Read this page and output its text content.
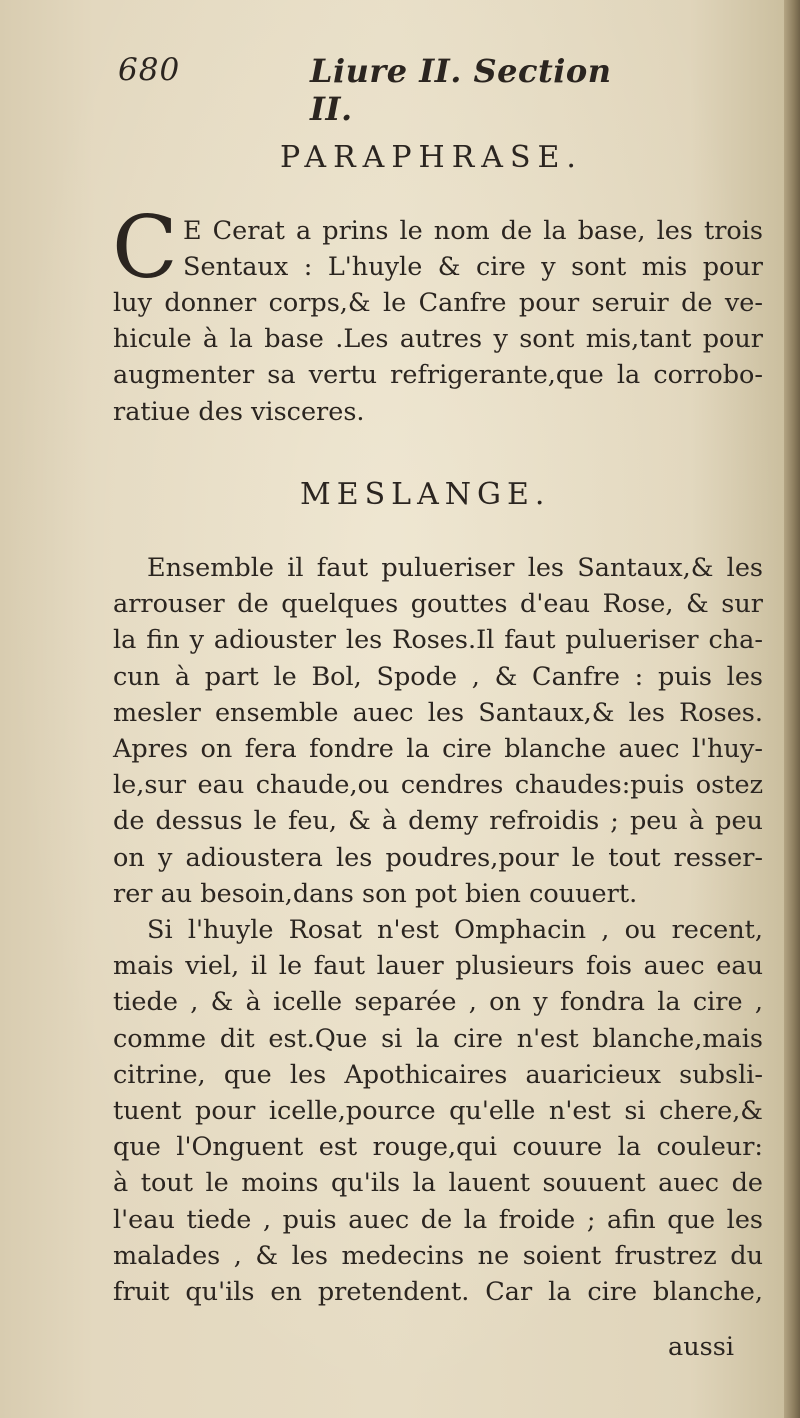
680	Liure II. Section II.
PARAPHRASE.
C E Cerat a prins le nom de la base, les trois
Sentaux : L'huyle & cire y sont mis pour
luy donner corps,& le Canfre pour seruir de ve-
hicule à la base .Les autres y sont mis,tant pour
augmenter sa vertu refrigerante,que la corrobo-
ratiue des visceres.
MESLANGE.
Ensemble il faut pulueriser les Santaux,& les
arrouser de quelques gouttes d'eau Rose, & sur
la fin y adiouster les Roses.Il faut pulueriser cha-
cun à part le Bol, Spode , & Canfre : puis les
mesler ensemble auec les Santaux,& les Roses.
Apres on fera fondre la cire blanche auec l'huy-
le,sur eau chaude,ou cendres chaudes:puis ostez
de dessus le feu, & à demy refroidis ; peu à peu
on y adioustera les poudres,pour le tout resser-
rer au besoin,dans son pot bien couuert.
Si l'huyle Rosat n'est Omphacin , ou recent,
mais viel, il le faut lauer plusieurs fois auec eau
tiede , & à icelle separée , on y fondra la cire ,
comme dit est.Que si la cire n'est blanche,mais
citrine, que les Apothicaires auaricieux subsli-
tuent pour icelle,pource qu'elle n'est si chere,&
que l'Onguent est rouge,qui couure la couleur:
à tout le moins qu'ils la lauent souuent auec de
l'eau tiede , puis auec de la froide ; afin que les
malades , & les medecins ne soient frustrez du
fruit qu'ils en pretendent. Car la cire blanche,
aussi
